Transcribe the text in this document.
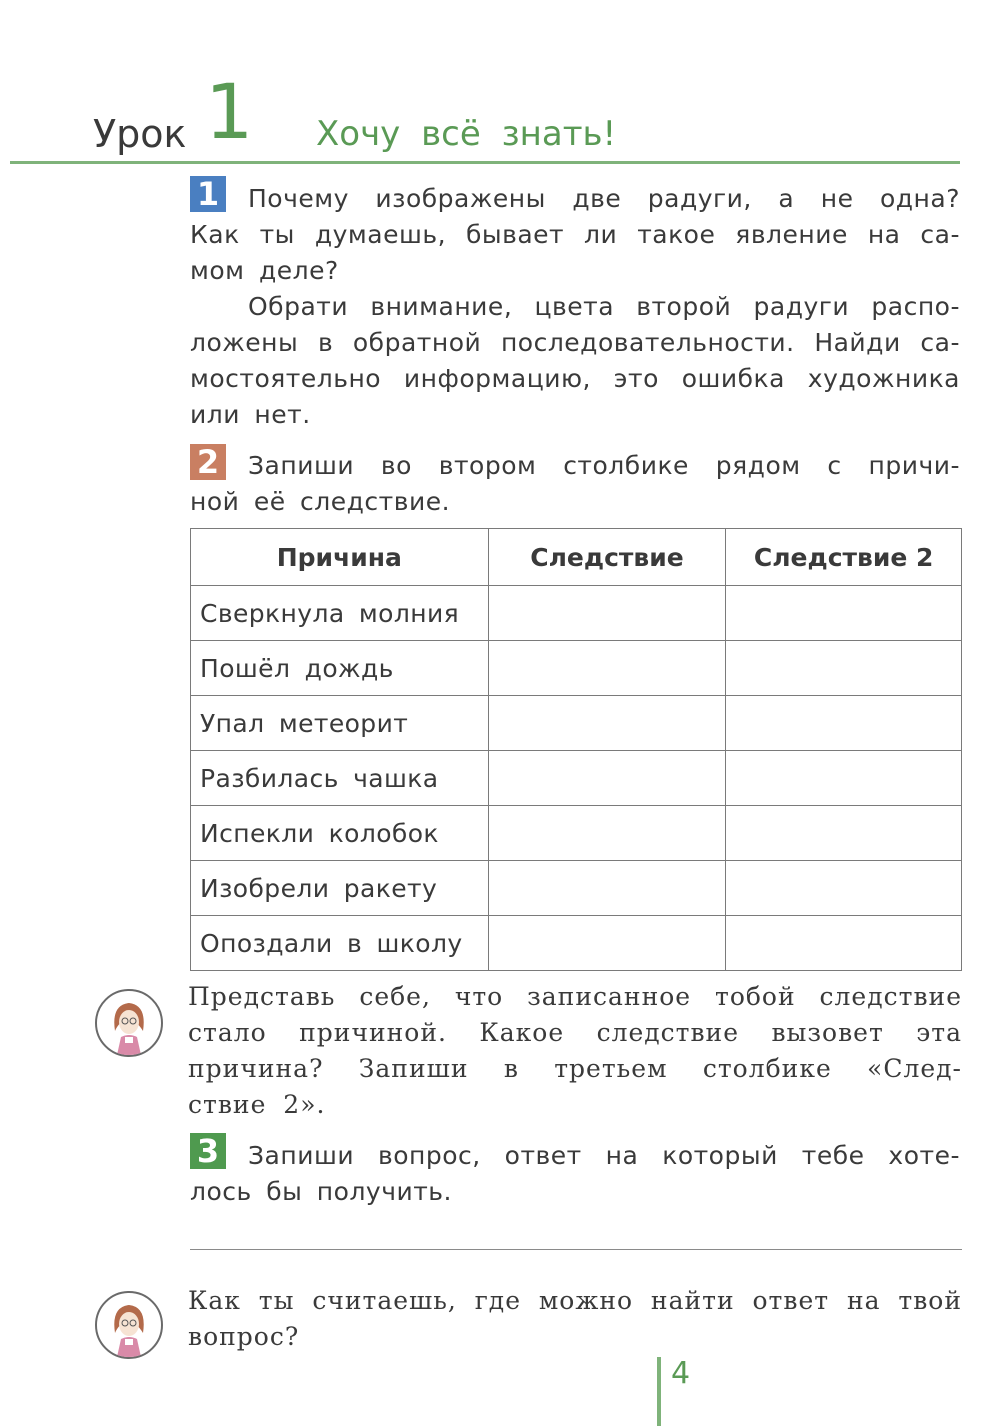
Урок 1 Хочу всё знать!
1 Почему изображены две радуги, а не одна?
Как ты думаешь, бывает ли такое явление на са-
мом деле?
Обрати внимание, цвета второй радуги распо-
ложены в обратной последовательности. Найди са- мостоятельно информацию, это ошибка художника или нет.
2 Запиши во втором столбике рядом с причи-
ной её следствие.
Причина	Следствие	Следствие 2
Сверкнула молния		
Пошёл дождь		
Упал метеорит		
Разбилась чашка		
Испекли колобок		
Изобрели ракету		
Опоздали в школу		
Представь себе, что записанное тобой следствие стало причиной. Какое следствие вызовет эта причина? Запиши в третьем столбике «След- ствие 2».
3 Запиши вопрос, ответ на который тебе хоте-
лось бы получить.
Как ты считаешь, где можно найти ответ на твой вопрос?
4
